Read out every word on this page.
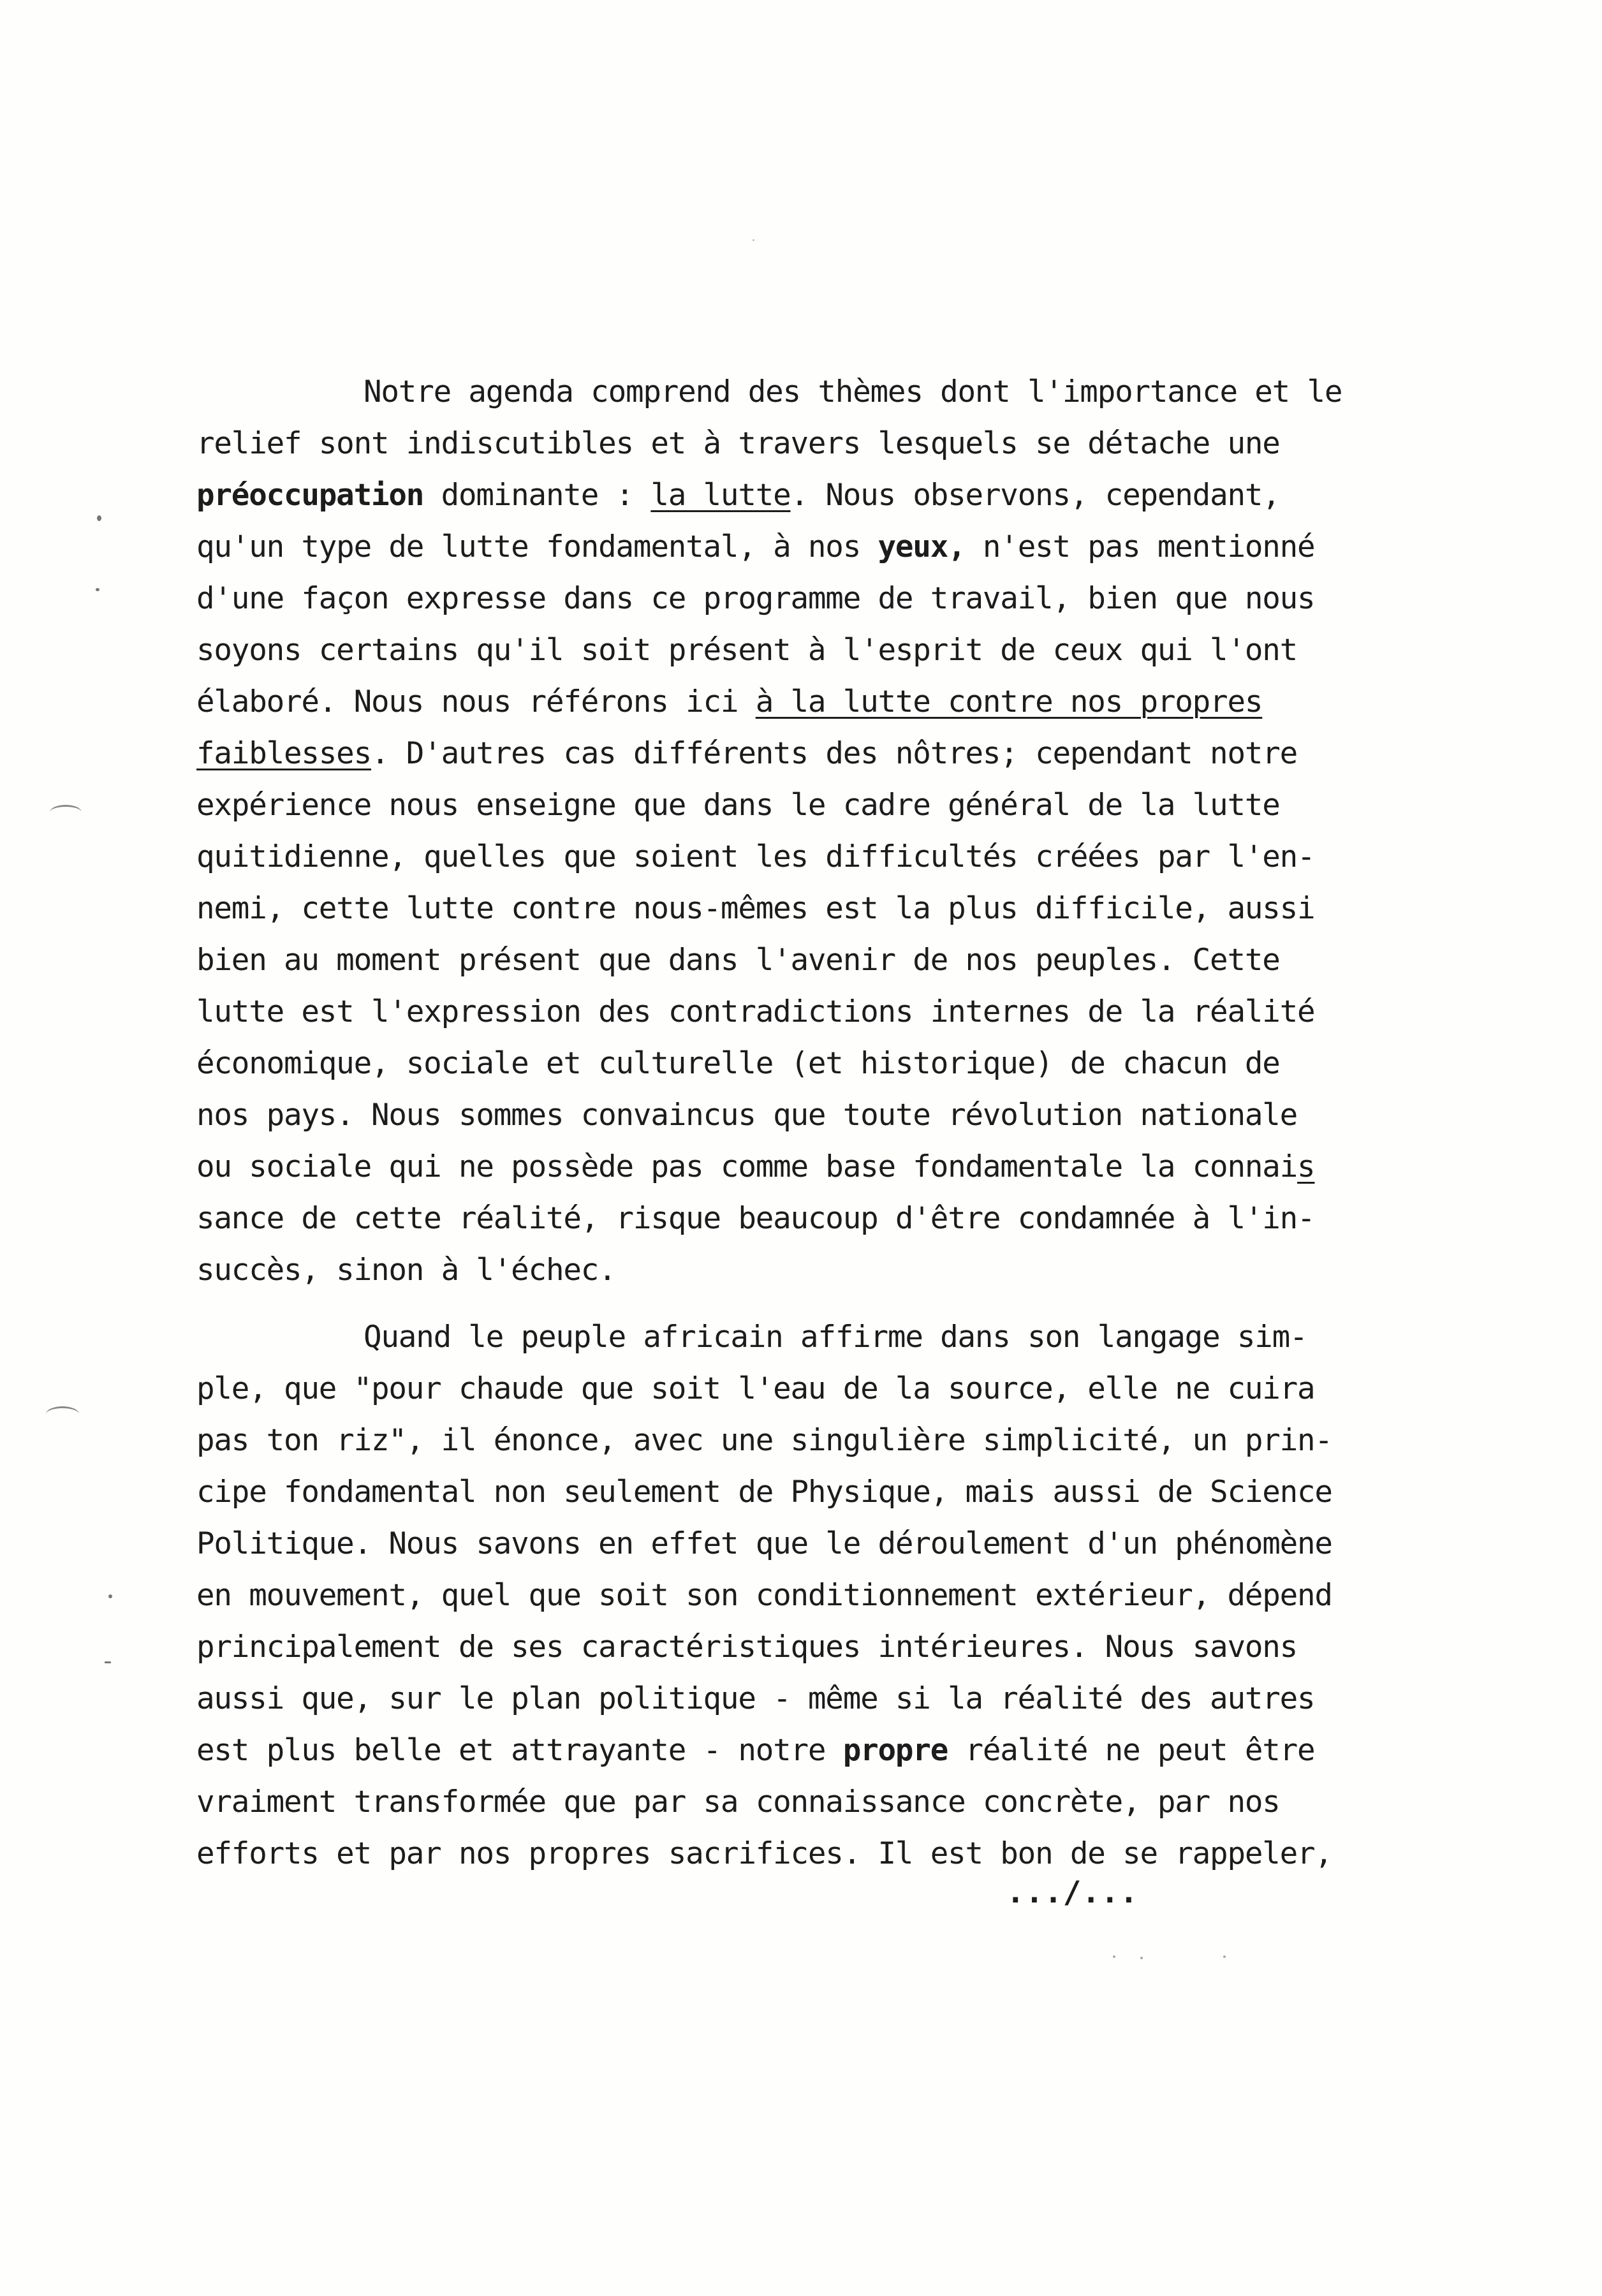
Notre agenda comprend des thèmes dont l'importance et le
relief sont indiscutibles et à travers lesquels se détache une
préoccupation dominante : la lutte. Nous observons, cependant,
qu'un type de lutte fondamental, à nos yeux, n'est pas mentionné
d'une façon expresse dans ce programme de travail, bien que nous
soyons certains qu'il soit présent à l'esprit de ceux qui l'ont
élaboré. Nous nous référons ici à la lutte contre nos propres
faiblesses. D'autres cas différents des nôtres; cependant notre
expérience nous enseigne que dans le cadre général de la lutte
quitidienne, quelles que soient les difficultés créées par l'en-
nemi, cette lutte contre nous-mêmes est la plus difficile, aussi
bien au moment présent que dans l'avenir de nos peuples. Cette
lutte est l'expression des contradictions internes de la réalité
économique, sociale et culturelle (et historique) de chacun de
nos pays. Nous sommes convaincus que toute révolution nationale
ou sociale qui ne possède pas comme base fondamentale la connais
sance de cette réalité, risque beaucoup d'être condamnée à l'in-
succès, sinon à l'échec.
Quand le peuple africain affirme dans son langage sim-
ple, que "pour chaude que soit l'eau de la source, elle ne cuira
pas ton riz", il énonce, avec une singulière simplicité, un prin-
cipe fondamental non seulement de Physique, mais aussi de Science
Politique. Nous savons en effet que le déroulement d'un phénomène
en mouvement, quel que soit son conditionnement extérieur, dépend
principalement de ses caractéristiques intérieures. Nous savons
aussi que, sur le plan politique - même si la réalité des autres
est plus belle et attrayante - notre propre réalité ne peut être
vraiment transformée que par sa connaissance concrète, par nos
efforts et par nos propres sacrifices. Il est bon de se rappeler,
.../...
